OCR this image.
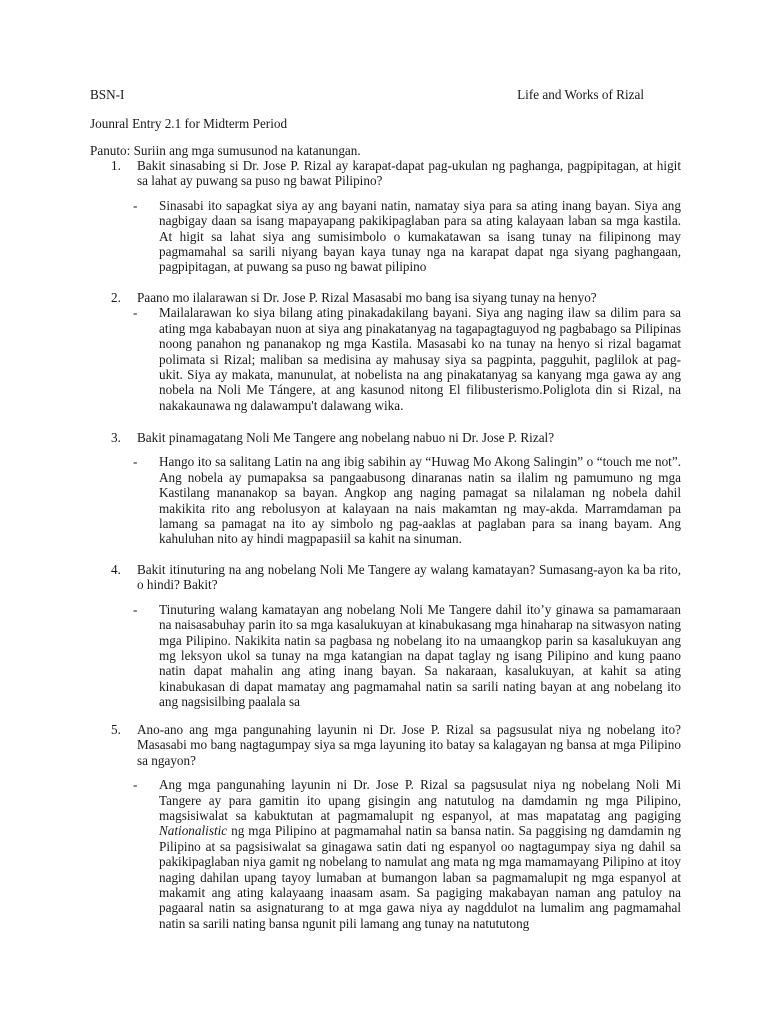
BSN-I	Life and Works of Rizal
Jounral Entry 2.1 for Midterm Period
Panuto: Suriin ang mga sumusunod na katanungan.
1. Bakit sinasabing si Dr. Jose P. Rizal ay karapat-dapat pag-ukulan ng paghanga, pagpipitagan, at higit sa lahat ay puwang sa puso ng bawat Pilipino?
- Sinasabi ito sapagkat siya ay ang bayani natin, namatay siya para sa ating inang bayan. Siya ang nagbigay daan sa isang mapayapang pakikipaglaban para sa ating kalayaan laban sa mga kastila. At higit sa lahat siya ang sumisimbolo o kumakatawan sa isang tunay na filipinong may pagmamahal sa sarili niyang bayan kaya tunay nga na karapat dapat nga siyang paghangaan, pagpipitagan, at puwang sa puso ng bawat pilipino
2. Paano mo ilalarawan si Dr. Jose P. Rizal Masasabi mo bang isa siyang tunay na henyo?
- Mailalarawan ko siya bilang ating pinakadakilang bayani. Siya ang naging ilaw sa dilim para sa ating mga kababayan nuon at siya ang pinakatanyag na tagapagtaguyod ng pagbabago sa Pilipinas noong panahon ng pananakop ng mga Kastila. Masasabi ko na tunay na henyo si rizal bagamat polimata si Rizal; maliban sa medisina ay mahusay siya sa pagpinta, pagguhit, paglilok at pag-ukit. Siya ay makata, manunulat, at nobelista na ang pinakatanyag sa kanyang mga gawa ay ang nobela na Noli Me Tángere, at ang kasunod nitong El filibusterismo.Poliglota din si Rizal, na nakakaunawa ng dalawampu't dalawang wika.
3. Bakit pinamagatang Noli Me Tangere ang nobelang nabuo ni Dr. Jose P. Rizal?
- Hango ito sa salitang Latin na ang ibig sabihin ay “Huwag Mo Akong Salingin” o “touch me not”. Ang nobela ay pumapaksa sa pangaabusong dinaranas natin sa ilalim ng pamumuno ng mga Kastilang mananakop sa bayan. Angkop ang naging pamagat sa nilalaman ng nobela dahil makikita rito ang rebolusyon at kalayaan na nais makamtan ng may-akda. Marramdaman pa lamang sa pamagat na ito ay simbolo ng pag-aaklas at paglaban para sa inang bayam. Ang kahuluhan nito ay hindi magpapasiil sa kahit na sinuman.
4. Bakit itinuturing na ang nobelang Noli Me Tangere ay walang kamatayan? Sumasang-ayon ka ba rito, o hindi? Bakit?
- Tinuturing walang kamatayan ang nobelang Noli Me Tangere dahil ito’y ginawa sa pamamaraan na naisasabuhay parin ito sa mga kasalukuyan at kinabukasang mga hinaharap na sitwasyon nating mga Pilipino. Nakikita natin sa pagbasa ng nobelang ito na umaangkop parin sa kasalukuyan ang mg leksyon ukol sa tunay na mga katangian na dapat taglay ng isang Pilipino and kung paano natin dapat mahalin ang ating inang bayan. Sa nakaraan, kasalukuyan, at kahit sa ating kinabukasan di dapat mamatay ang pagmamahal natin sa sarili nating bayan at ang nobelang ito ang nagsisilbing paalala sa
5. Ano-ano ang mga pangunahing layunin ni Dr. Jose P. Rizal sa pagsusulat niya ng nobelang ito? Masasabi mo bang nagtagumpay siya sa mga layuning ito batay sa kalagayan ng bansa at mga Pilipino sa ngayon?
- Ang mga pangunahing layunin ni Dr. Jose P. Rizal sa pagsusulat niya ng nobelang Noli Mi Tangere ay para gamitin ito upang gisingin ang natutulog na damdamin ng mga Pilipino, magsisiwalat sa kabuktutan at pagmamalupit ng espanyol, at mas mapatatag ang pagiging Nationalistic ng mga Pilipino at pagmamahal natin sa bansa natin. Sa paggising ng damdamin ng Pilipino at sa pagsisiwalat sa ginagawa satin dati ng espanyol oo nagtagumpay siya ng dahil sa pakikipaglaban niya gamit ng nobelang to namulat ang mata ng mga mamamayang Pilipino at itoy naging dahilan upang tayoy lumaban at bumangon laban sa pagmamalupit ng mga espanyol at makamit ang ating kalayaang inaasam asam. Sa pagiging makabayan naman ang patuloy na pagaaral natin sa asignaturang to at mga gawa niya ay nagddulot na lumalim ang pagmamahal natin sa sarili nating bansa ngunit pili lamang ang tunay na natututong
